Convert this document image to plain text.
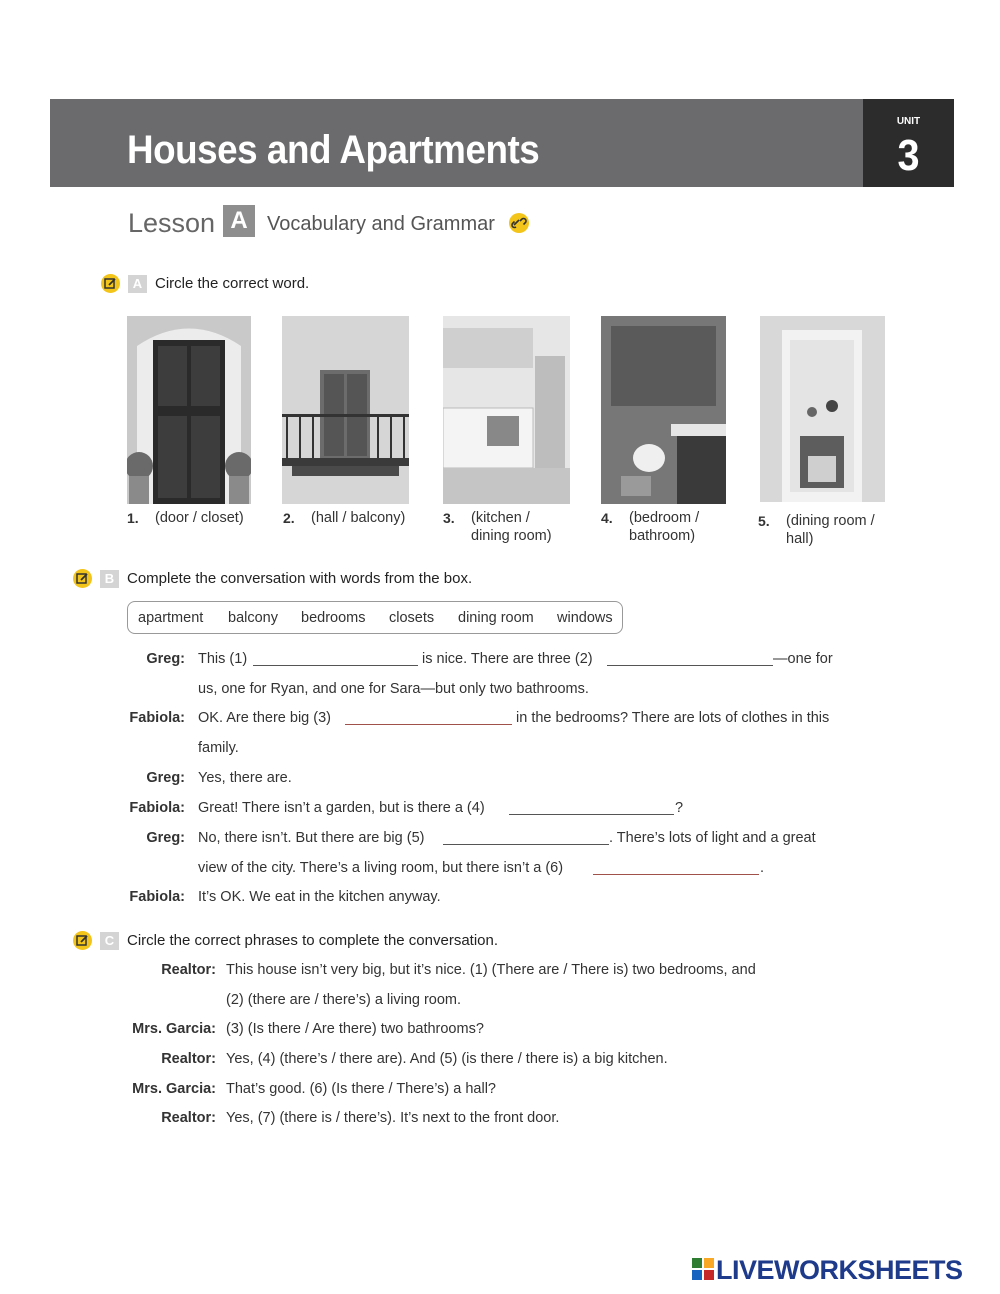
Houses and Apartments
UNIT
3
Lesson A Vocabulary and Grammar
A Circle the correct word.
1. (door / closet)	2. (hall / balcony)	3. (kitchen /
dining room)
4. (bedroom /
bathroom)
5. (dining room /
hall)
B Complete the conversation with words from the box.
apartment balcony bedrooms closets dining room windows
Greg: This (1)	is nice. There are three (2)	—one for
us, one for Ryan, and one for Sara—but only two bathrooms.
Fabiola: OK. Are there big (3)	in the bedrooms? There are lots of clothes in this
family.
Greg: Yes, there are.
Fabiola: Great! There isn’t a garden, but is there a (4)	?
Greg: No, there isn’t. But there are big (5)	. There’s lots of light and a great
view of the city. There’s a living room, but there isn’t a (6)	.
Fabiola: It’s OK. We eat in the kitchen anyway.
C Circle the correct phrases to complete the conversation.
Realtor: This house isn’t very big, but it’s nice. (1) (There are / There is) two bedrooms, and
(2) (there are / there’s) a living room.
Mrs. Garcia: (3) (Is there / Are there) two bathrooms?
Realtor: Yes, (4) (there’s / there are). And (5) (is there / there is) a big kitchen.
Mrs. Garcia: That’s good. (6) (Is there / There’s) a hall?
Realtor: Yes, (7) (there is / there’s). It’s next to the front door.
LIVEWORKSHEETS
